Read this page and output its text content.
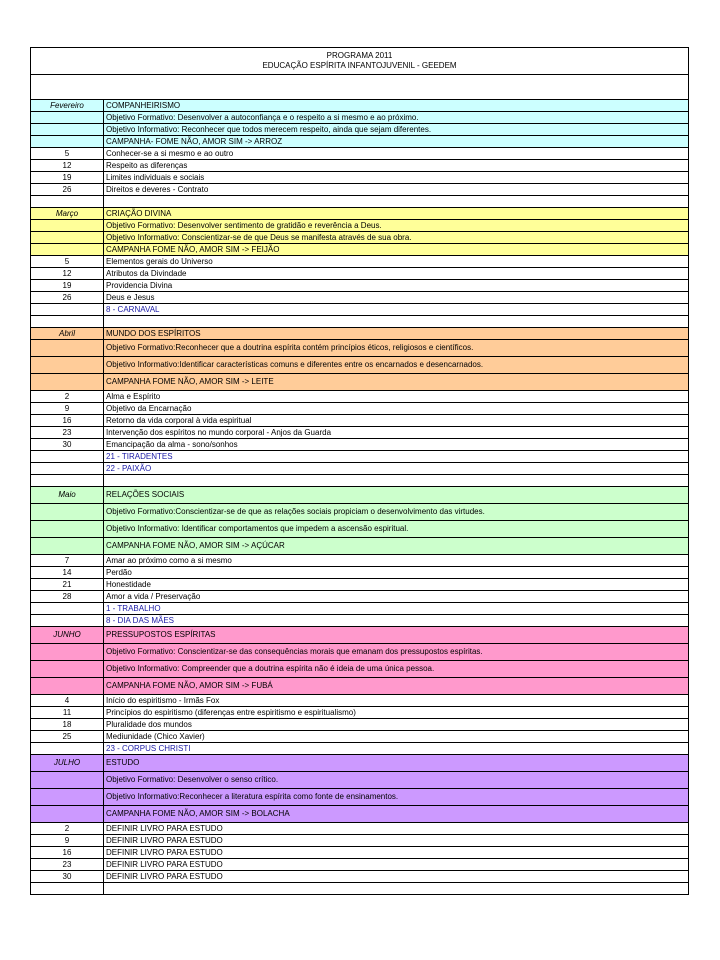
PROGRAMA 2011
EDUCAÇÃO ESPÍRITA INFANTOJUVENIL - GEEDEM	

Fevereiro	COMPANHEIRISMO
	Objetivo Formativo: Desenvolver a autoconfiança e o respeito a si mesmo e ao próximo.
	Objetivo Informativo: Reconhecer que todos merecem respeito, ainda que sejam diferentes.
	CAMPANHA- FOME NÃO, AMOR SIM -> ARROZ
5	Conhecer-se a si mesmo e ao outro
12	Respeito as diferenças
19	Limites individuais e sociais
26	Direitos e deveres - Contrato

Março	CRIAÇÃO DIVINA
	Objetivo Formativo: Desenvolver sentimento de gratidão e reverência a Deus.
	Objetivo Informativo: Conscientizar-se de que Deus se manifesta através de sua obra.
	CAMPANHA FOME NÃO, AMOR SIM -> FEIJÃO
5	Elementos gerais do Universo
12	Atributos da Divindade
19	Providencia Divina
26	Deus e Jesus
	8 - CARNAVAL

Abril	MUNDO DOS ESPÍRITOS
	Objetivo Formativo:Reconhecer que a doutrina espírita contém princípios éticos, religiosos e científicos.
	Objetivo Informativo:Identificar características comuns e diferentes entre os encarnados e desencarnados.
	CAMPANHA FOME NÃO, AMOR SIM -> LEITE
2	Alma e Espírito
9	Objetivo da Encarnação
16	Retorno da vida corporal à vida espiritual
23	Intervenção dos espíritos no mundo corporal - Anjos da Guarda
30	Emancipação da alma - sono/sonhos
	21 - TIRADENTES
	22 - PAIXÃO

Maio	RELAÇÕES SOCIAIS
	Objetivo Formativo:Conscientizar-se de que as relações sociais propiciam o desenvolvimento das virtudes.
	Objetivo Informativo: Identificar comportamentos que impedem a ascensão espiritual.
	CAMPANHA FOME NÃO, AMOR SIM -> AÇÚCAR
7	Amar ao próximo como a si mesmo
14	Perdão
21	Honestidade
28	Amor a vida / Preservação
	1 - TRABALHO
	8 - DIA DAS MÃES
JUNHO	PRESSUPOSTOS ESPÍRITAS
	Objetivo Formativo: Conscientizar-se das consequências morais que emanam dos pressupostos espíritas.
	Objetivo Informativo: Compreender que a doutrina espírita não é ideia de uma única pessoa.
	CAMPANHA FOME NÃO, AMOR SIM -> FUBÁ
4	Início do espiritismo - Irmãs Fox
11	Princípios do espiritismo (diferenças entre espiritismo e espiritualismo)
18	Pluralidade dos mundos
25	Mediunidade (Chico Xavier)
	23 - CORPUS CHRISTI
JULHO	ESTUDO
	Objetivo Formativo: Desenvolver o senso crítico.
	Objetivo Informativo:Reconhecer a literatura espírita como fonte de ensinamentos.
	CAMPANHA FOME NÃO, AMOR SIM -> BOLACHA
2	DEFINIR LIVRO PARA ESTUDO
9	DEFINIR LIVRO PARA ESTUDO
16	DEFINIR LIVRO PARA ESTUDO
23	DEFINIR LIVRO PARA ESTUDO
30	DEFINIR LIVRO PARA ESTUDO
